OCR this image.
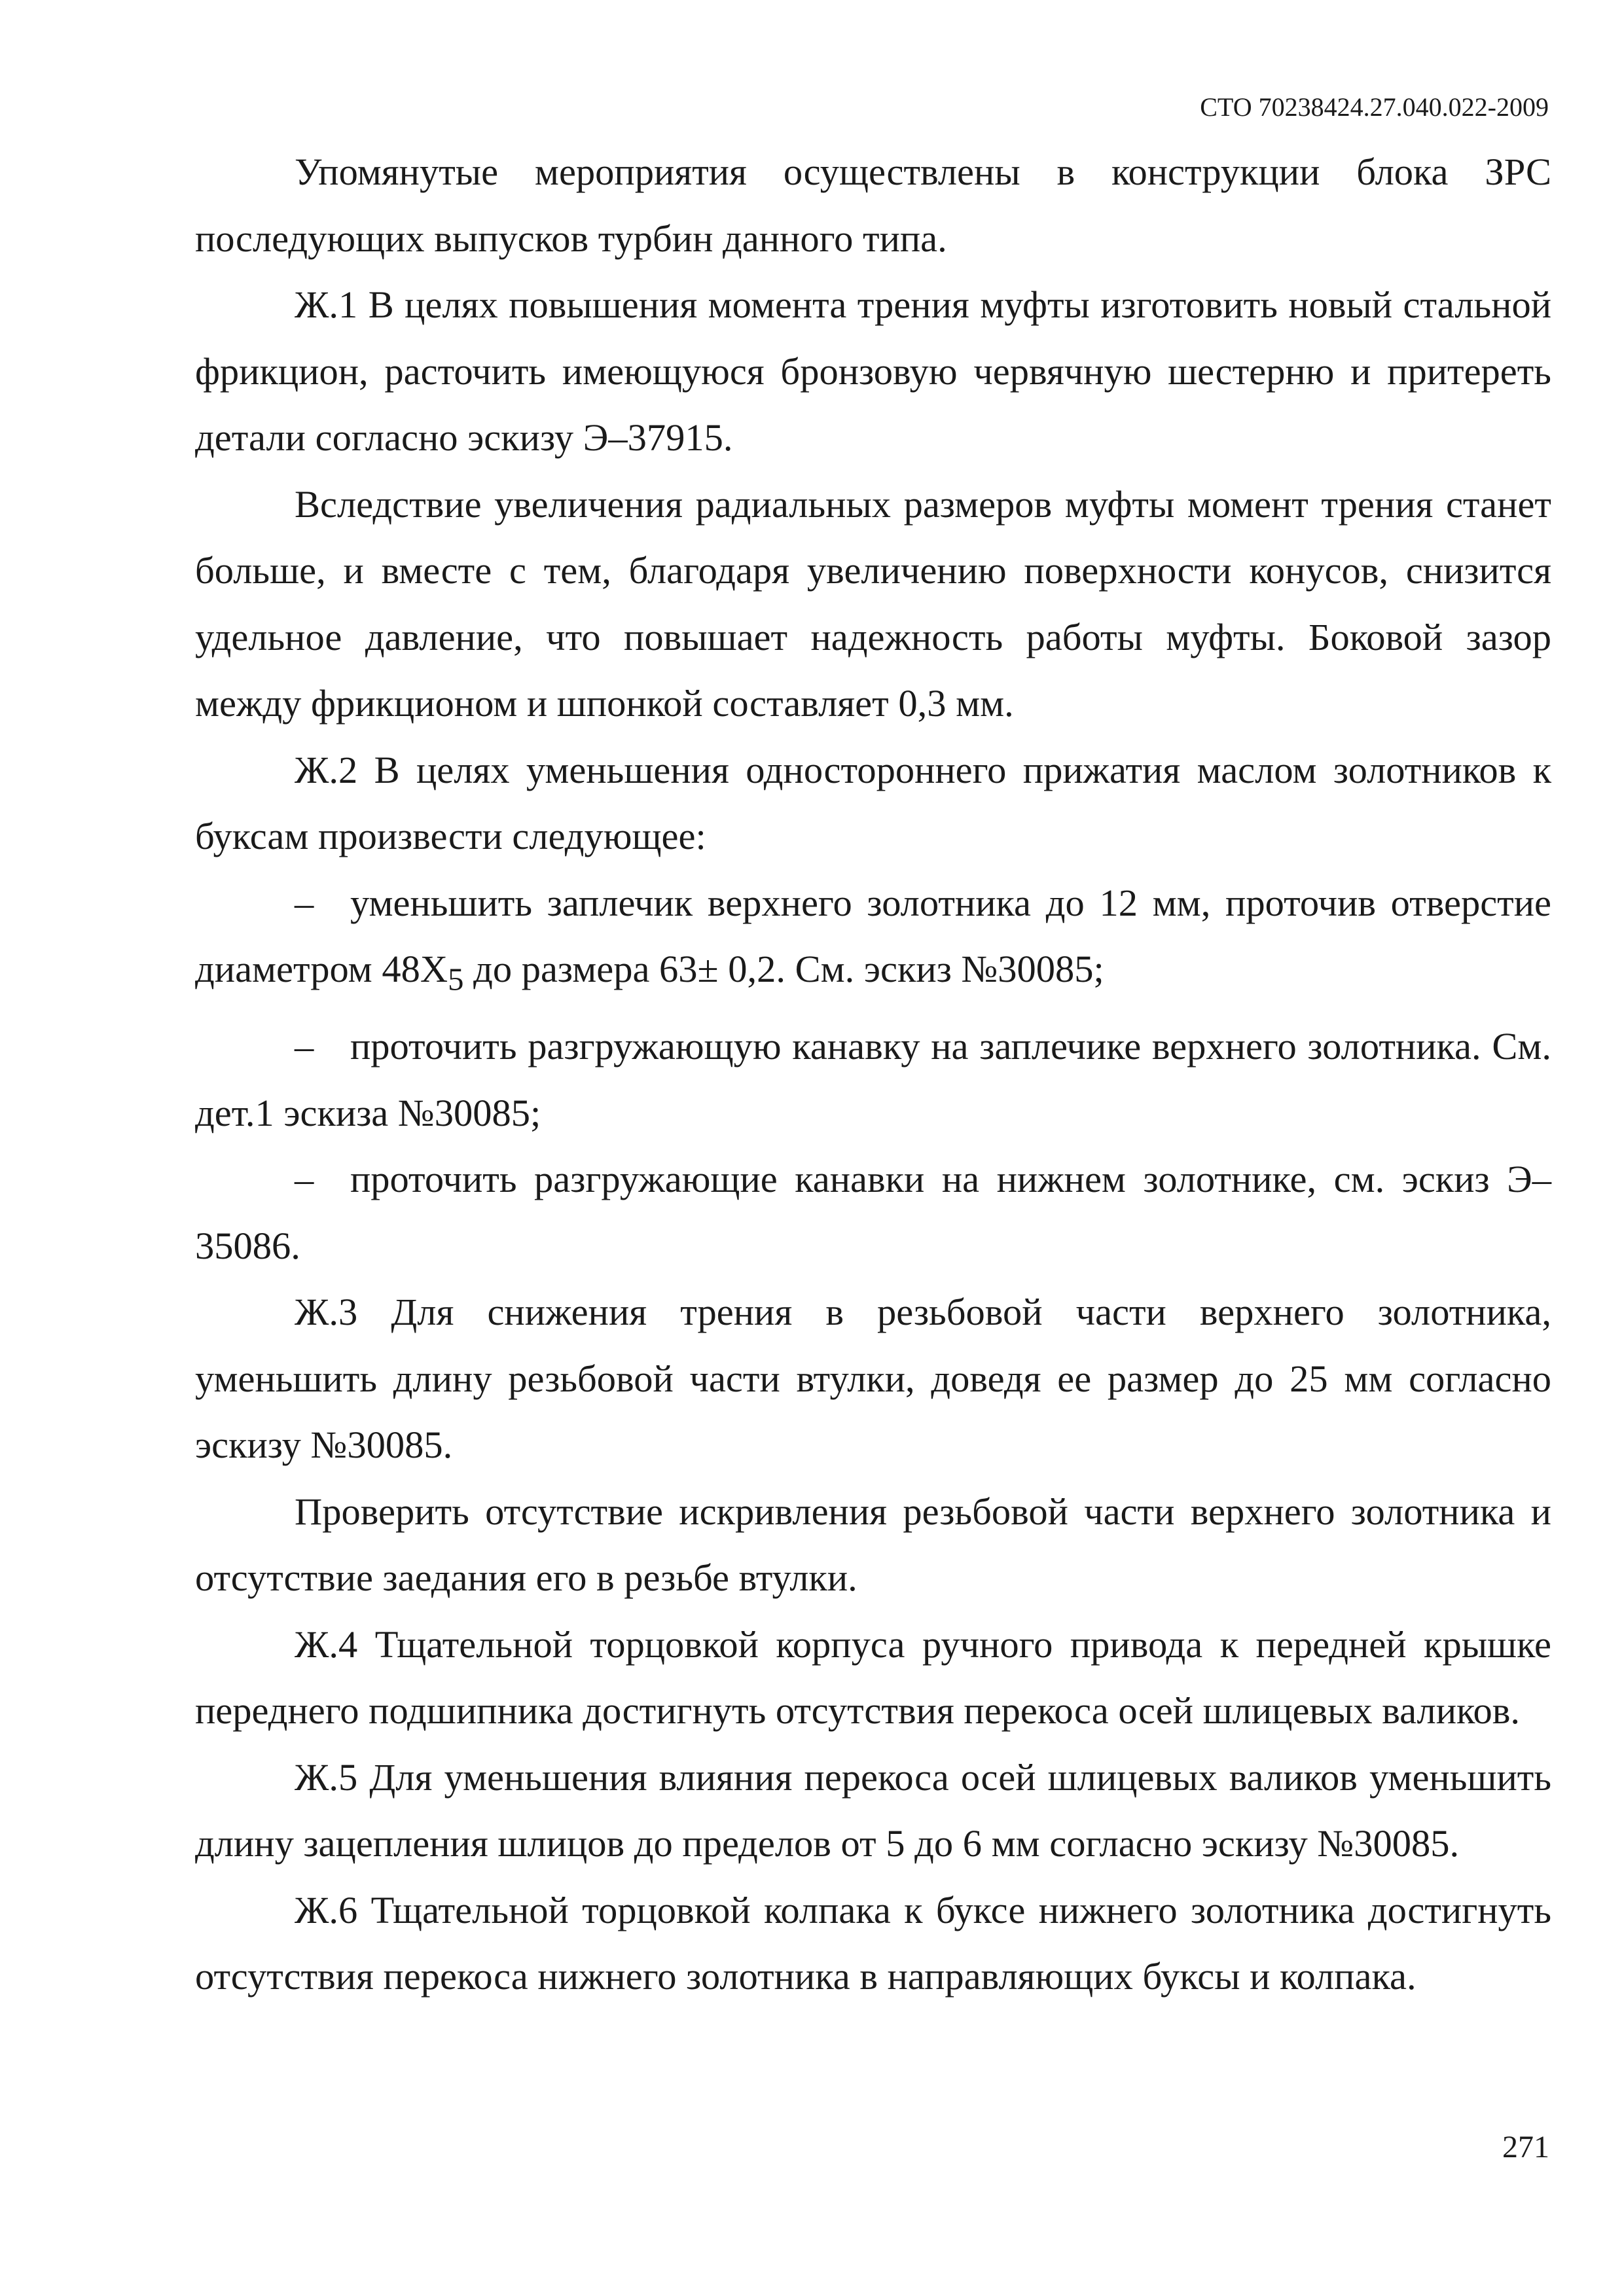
СТО 70238424.27.040.022-2009

Упомянутые мероприятия осуществлены в конструкции блока ЗРС последующих выпусков турбин данного типа.

Ж.1 В целях повышения момента трения муфты изготовить новый стальной фрикцион, расточить имеющуюся бронзовую червячную шестерню и притереть детали согласно эскизу Э–37915.

Вследствие увеличения радиальных размеров муфты момент трения станет больше, и вместе с тем, благодаря увеличению поверхности конусов, снизится удельное давление, что повышает надежность работы муфты. Боковой зазор между фрикционом и шпонкой составляет 0,3 мм.

Ж.2 В целях уменьшения одностороннего прижатия маслом золотников к буксам произвести следующее:

– уменьшить заплечик верхнего золотника до 12 мм, проточив отверстие диаметром $48Х_5$ до размера 63± 0,2. См. эскиз №30085;

– проточить разгружающую канавку на заплечике верхнего золотника. См. дет.1 эскиза №30085;

– проточить разгружающие канавки на нижнем золотнике, см. эскиз Э–35086.

Ж.3 Для снижения трения в резьбовой части верхнего золотника, уменьшить длину резьбовой части втулки, доведя ее размер до 25 мм согласно эскизу №30085.

Проверить отсутствие искривления резьбовой части верхнего золотника и отсутствие заедания его в резьбе втулки.

Ж.4 Тщательной торцовкой корпуса ручного привода к передней крышке переднего подшипника достигнуть отсутствия перекоса осей шлицевых валиков.

Ж.5 Для уменьшения влияния перекоса осей шлицевых валиков уменьшить длину зацепления шлицов до пределов от 5 до 6 мм согласно эскизу №30085.

Ж.6 Тщательной торцовкой колпака к буксе нижнего золотника достигнуть отсутствия перекоса нижнего золотника в направляющих буксы и колпака.

271
